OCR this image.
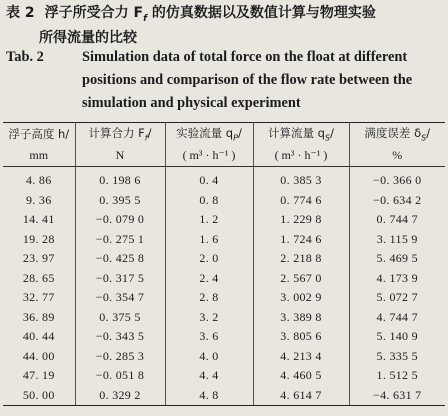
表 2 浮子所受合力 $F_f$ 的仿真数据以及数值计算与物理实验
所得流量的比较
Tab. 2	Simulation data of total force on the float at different
positions and comparison of the flow rate between the
simulation and physical experiment
浮子高度 h/	计算合力 $F_f/$	实验流量 $q_P/$	计算流量 $q_S/$	满度误差 $\delta_S/$
mm	N	( m³ · h⁻¹ )	( m³ · h⁻¹ )	%
4. 86	0. 198 6	0. 4	0. 385 3	−0. 366 0
9. 36	0. 395 5	0. 8	0. 774 6	−0. 634 2
14. 41	−0. 079 0	1. 2	1. 229 8	0. 744 7
19. 28	−0. 275 1	1. 6	1. 724 6	3. 115 9
23. 97	−0. 425 8	2. 0	2. 218 8	5. 469 5
28. 65	−0. 317 5	2. 4	2. 567 0	4. 173 9
32. 77	−0. 354 7	2. 8	3. 002 9	5. 072 7
36. 89	0. 375 5	3. 2	3. 389 8	4. 744 7
40. 44	−0. 343 5	3. 6	3. 805 6	5. 140 9
44. 00	−0. 285 3	4. 0	4. 213 4	5. 335 5
47. 19	−0. 051 8	4. 4	4. 460 5	1. 512 5
50. 00	0. 329 2	4. 8	4. 614 7	−4. 631 7
